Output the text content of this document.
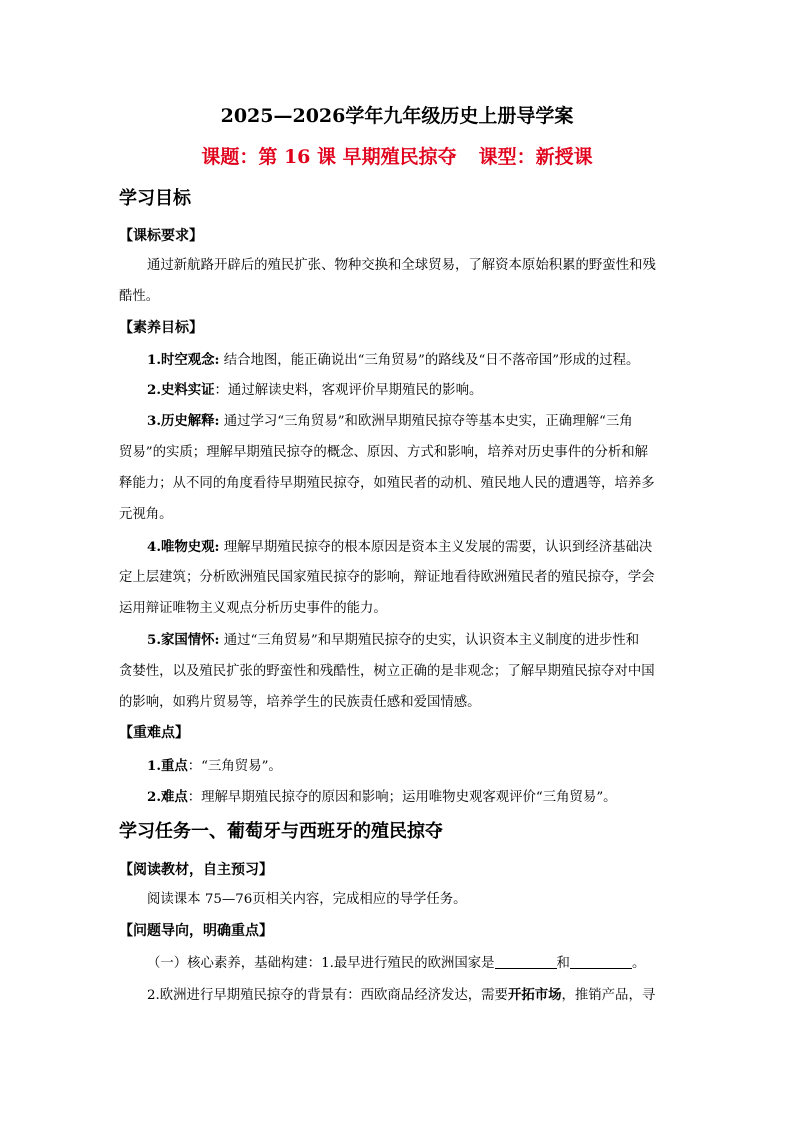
2025—2026学年九年级历史上册导学案
课题：第 16 课 早期殖民掠夺 课型：新授课
学习目标
【课标要求】
通过新航路开辟后的殖民扩张、物种交换和全球贸易，了解资本原始积累的野蛮性和残
酷性。
【素养目标】
1.时空观念: 结合地图，能正确说出“三角贸易”的路线及“日不落帝国”形成的过程。
2.史料实证：通过解读史料，客观评价早期殖民的影响。
3.历史解释: 通过学习“三角贸易”和欧洲早期殖民掠夺等基本史实，正确理解“三角
贸易”的实质；理解早期殖民掠夺的概念、原因、方式和影响，培养对历史事件的分析和解
释能力；从不同的角度看待早期殖民掠夺，如殖民者的动机、殖民地人民的遭遇等，培养多
元视角。
4.唯物史观: 理解早期殖民掠夺的根本原因是资本主义发展的需要，认识到经济基础决
定上层建筑；分析欧洲殖民国家殖民掠夺的影响，辩证地看待欧洲殖民者的殖民掠夺，学会
运用辩证唯物主义观点分析历史事件的能力。
5.家国情怀: 通过“三角贸易”和早期殖民掠夺的史实，认识资本主义制度的进步性和
贪婪性，以及殖民扩张的野蛮性和残酷性，树立正确的是非观念；了解早期殖民掠夺对中国
的影响，如鸦片贸易等，培养学生的民族责任感和爱国情感。
【重难点】
1.重点：“三角贸易”。
2.难点：理解早期殖民掠夺的原因和影响；运用唯物史观客观评价“三角贸易”。
学习任务一、葡萄牙与西班牙的殖民掠夺
【阅读教材，自主预习】
阅读课本 75—76页相关内容，完成相应的导学任务。
【问题导向，明确重点】
（一）核心素养，基础构建：1.最早进行殖民的欧洲国家是	和	。
2.欧洲进行早期殖民掠夺的背景有：西欧商品经济发达，需要开拓市场，推销产品，寻
